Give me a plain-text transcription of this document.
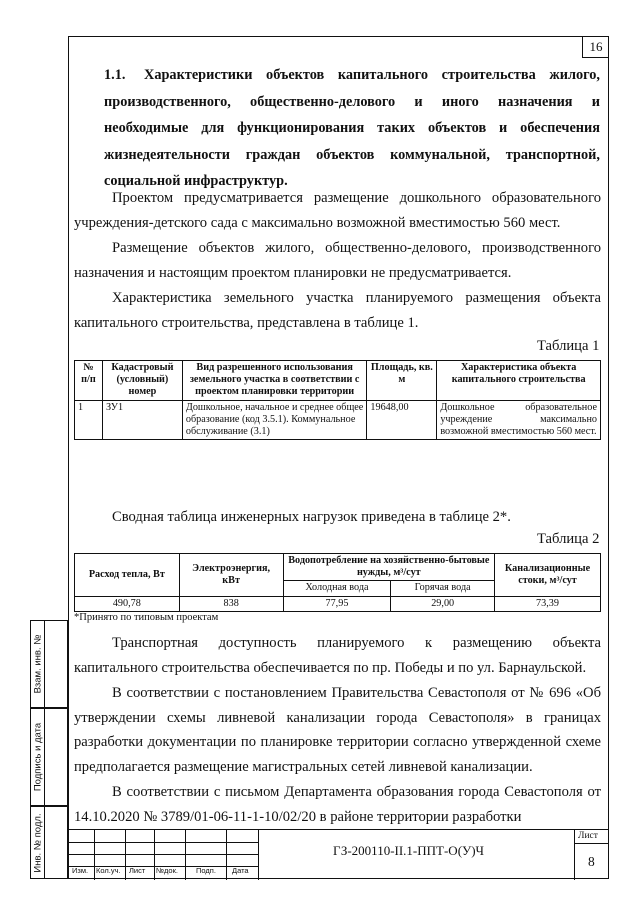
16
1.1. Характеристики объектов капитального строительства жилого, производственного, общественно-делового и иного назначения и необходимые для функционирования таких объектов и обеспечения жизнедеятельности граждан объектов коммунальной, транспортной, социальной инфраструктур.
Проектом предусматривается размещение дошкольного образовательного учреждения-детского сада с максимально возможной вместимостью 560 мест.
Размещение объектов жилого, общественно-делового, производственного назначения и настоящим проектом планировки не предусматривается.
Характеристика земельного участка планируемого размещения объекта капитального строительства, представлена в таблице 1.
Таблица 1
№ п/п	Кадастровый (условный) номер	Вид разрешенного использования земельного участка в соответствии с проектом планировки территории	Площадь, кв. м	Характеристика объекта капитального строительства
1	ЗУ1	Дошкольное, начальное и среднее общее образование (код 3.5.1). Коммунальное обслуживание (3.1)	19648,00	Дошкольное образовательное учреждение максимально возможной вместимостью 560 мест.
Сводная таблица инженерных нагрузок приведена в таблице 2*.
Таблица 2
Расход тепла, Вт	Электроэнергия, кВт	Водопотребление на хозяйственно-бытовые нужды, м³/сут		Канализационные стоки, м³/сут
		Холодная вода	Горячая вода	
490,78	838	77,95	29,00	73,39
*Принято по типовым проектам
Транспортная доступность планируемого к размещению объекта капитального строительства обеспечивается по пр. Победы и по ул. Барнаульской.
В соответствии с постановлением Правительства Севастополя от № 696 «Об утверждении схемы ливневой канализации города Севастополя» в границах разработки документации по планировке территории согласно утвержденной схеме предполагается размещение магистральных сетей ливневой канализации.
В соответствии с письмом Департамента образования города Севастополя от 14.10.2020 № 3789/01-06-11-1-10/02/20 в районе территории разработки
Взам. инв. №
Подпись и дата
Инв. № подл.	Изм. Кол.уч. Лист №док. Подп. Дата
ГЗ-200110-II.1-ППТ-О(У)Ч
Лист
8
